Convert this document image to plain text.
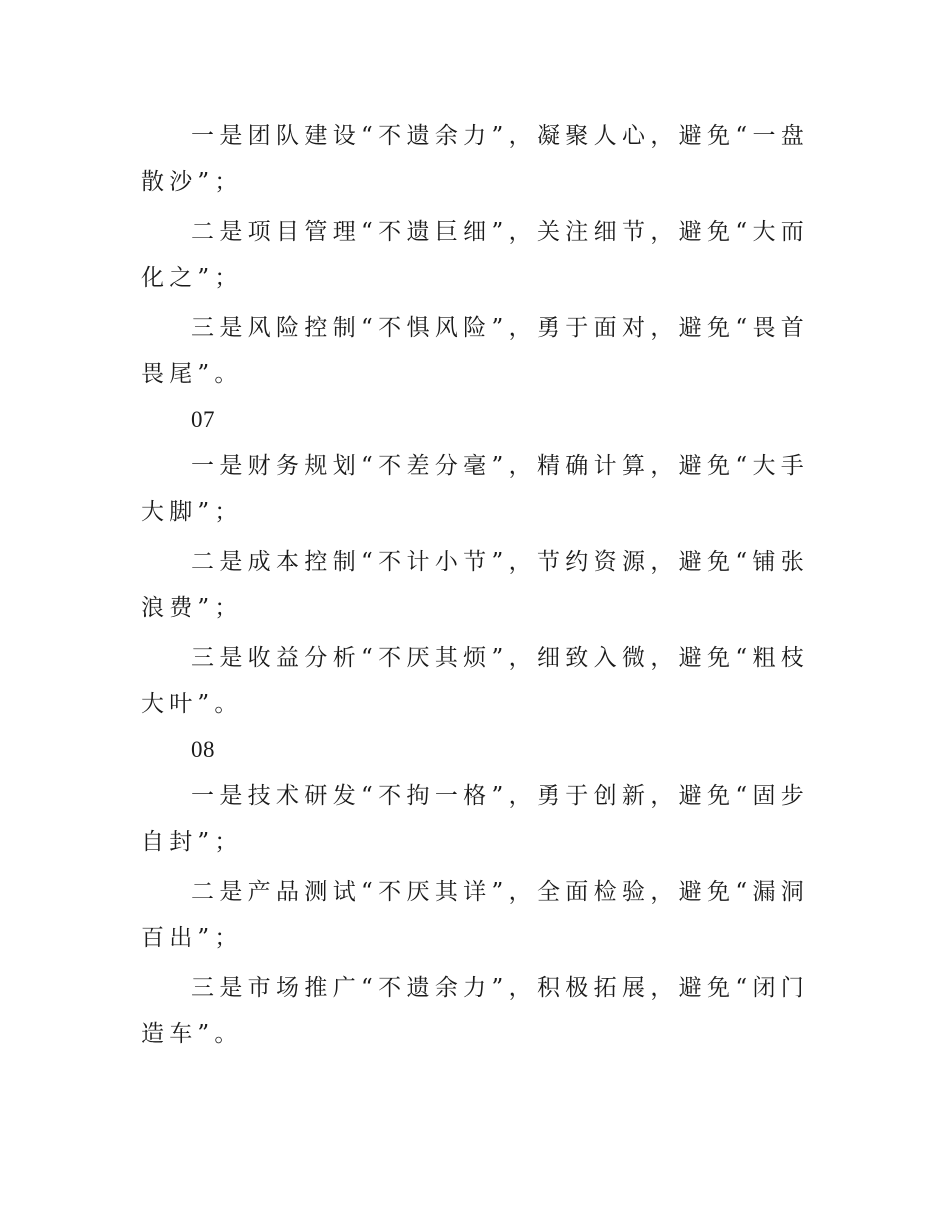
一是团队建设“不遗余力”，凝聚人心，避免“一盘散沙”；

二是项目管理“不遗巨细”，关注细节，避免“大而化之”；

三是风险控制“不惧风险”，勇于面对，避免“畏首畏尾”。

07

一是财务规划“不差分毫”，精确计算，避免“大手大脚”；

二是成本控制“不计小节”，节约资源，避免“铺张浪费”；

三是收益分析“不厌其烦”，细致入微，避免“粗枝大叶”。

08

一是技术研发“不拘一格”，勇于创新，避免“固步自封”；

二是产品测试“不厌其详”，全面检验，避免“漏洞百出”；

三是市场推广“不遗余力”，积极拓展，避免“闭门造车”。
